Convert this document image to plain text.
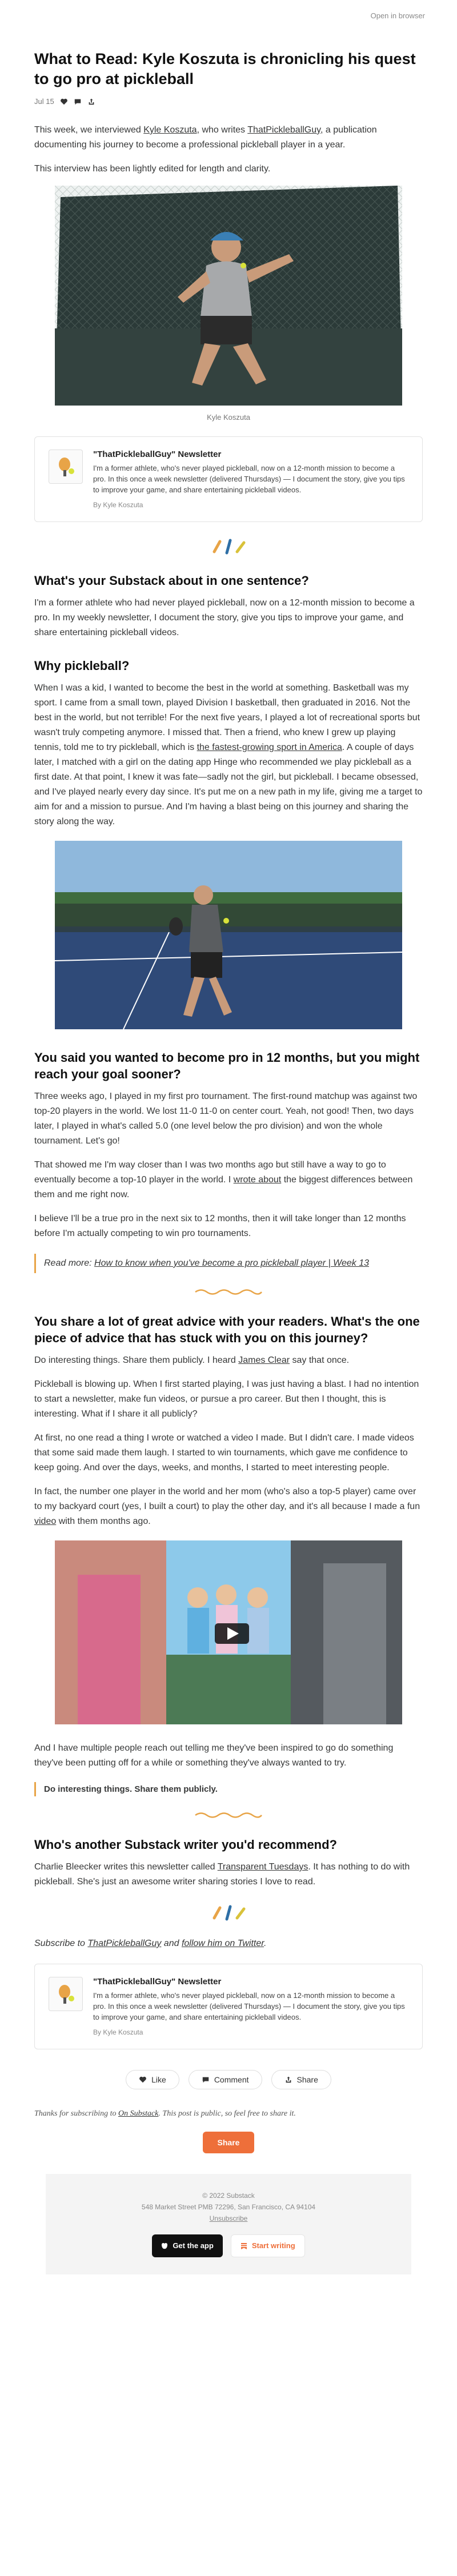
Open in browser
What to Read: Kyle Koszuta is chronicling his quest to go pro at pickleball
Jul 15

This week, we interviewed Kyle Koszuta, who writes ThatPickleballGuy, a publication documenting his journey to become a professional pickleball player in a year.

This interview has been lightly edited for length and clarity.

Kyle Koszuta
"ThatPickleballGuy" Newsletter
I'm a former athlete, who's never played pickleball, now on a 12-month mission to become a pro. In this once a week newsletter (delivered Thursdays) — I document the story, give you tips to improve your game, and share entertaining pickleball videos.
By Kyle Koszuta
What's your Substack about in one sentence?

I'm a former athlete who had never played pickleball, now on a 12-month mission to become a pro. In my weekly newsletter, I document the story, give you tips to improve your game, and share entertaining pickleball videos.

Why pickleball?

When I was a kid, I wanted to become the best in the world at something. Basketball was my sport. I came from a small town, played Division I basketball, then graduated in 2016. Not the best in the world, but not terrible! For the next five years, I played a lot of recreational sports but wasn't truly competing anymore. I missed that. Then a friend, who knew I grew up playing tennis, told me to try pickleball, which is the fastest-growing sport in America. A couple of days later, I matched with a girl on the dating app Hinge who recommended we play pickleball as a first date. At that point, I knew it was fate—sadly not the girl, but pickleball. I became obsessed, and I've played nearly every day since. It's put me on a new path in my life, giving me a target to aim for and a mission to pursue. And I'm having a blast being on this journey and sharing the story along the way.

You said you wanted to become pro in 12 months, but you might reach your goal sooner?

Three weeks ago, I played in my first pro tournament. The first-round matchup was against two top-20 players in the world. We lost 11-0 11-0 on center court. Yeah, not good! Then, two days later, I played in what's called 5.0 (one level below the pro division) and won the whole tournament. Let's go!

That showed me I'm way closer than I was two months ago but still have a way to go to eventually become a top-10 player in the world. I wrote about the biggest differences between them and me right now.

I believe I'll be a true pro in the next six to 12 months, then it will take longer than 12 months before I'm actually competing to win pro tournaments.

Read more: How to know when you've become a pro pickleball player | Week 13

You share a lot of great advice with your readers. What's the one piece of advice that has stuck with you on this journey?

Do interesting things. Share them publicly. I heard James Clear say that once.

Pickleball is blowing up. When I first started playing, I was just having a blast. I had no intention to start a newsletter, make fun videos, or pursue a pro career. But then I thought, this is interesting. What if I share it all publicly?

At first, no one read a thing I wrote or watched a video I made. But I didn't care. I made videos that some said made them laugh. I started to win tournaments, which gave me confidence to keep going. And over the days, weeks, and months, I started to meet interesting people.

In fact, the number one player in the world and her mom (who's also a top-5 player) came over to my backyard court (yes, I built a court) to play the other day, and it's all because I made a fun video with them months ago.

And I have multiple people reach out telling me they've been inspired to go do something they've been putting off for a while or something they've always wanted to try.

Do interesting things. Share them publicly.
Who's another Substack writer you'd recommend?

Charlie Bleecker writes this newsletter called Transparent Tuesdays. It has nothing to do with pickleball. She's just an awesome writer sharing stories I love to read.

Subscribe to ThatPickleballGuy and follow him on Twitter.

"ThatPickleballGuy" Newsletter
I'm a former athlete, who's never played pickleball, now on a 12-month mission to become a pro. In this once a week newsletter (delivered Thursdays) — I document the story, give you tips to improve your game, and share entertaining pickleball videos.
By Kyle Koszuta
Like	Comment	Share

Thanks for subscribing to On Substack. This post is public, so feel free to share it.

Share
© 2022 Substack
548 Market Street PMB 72296, San Francisco, CA 94104
Unsubscribe
Get the app	Start writing
